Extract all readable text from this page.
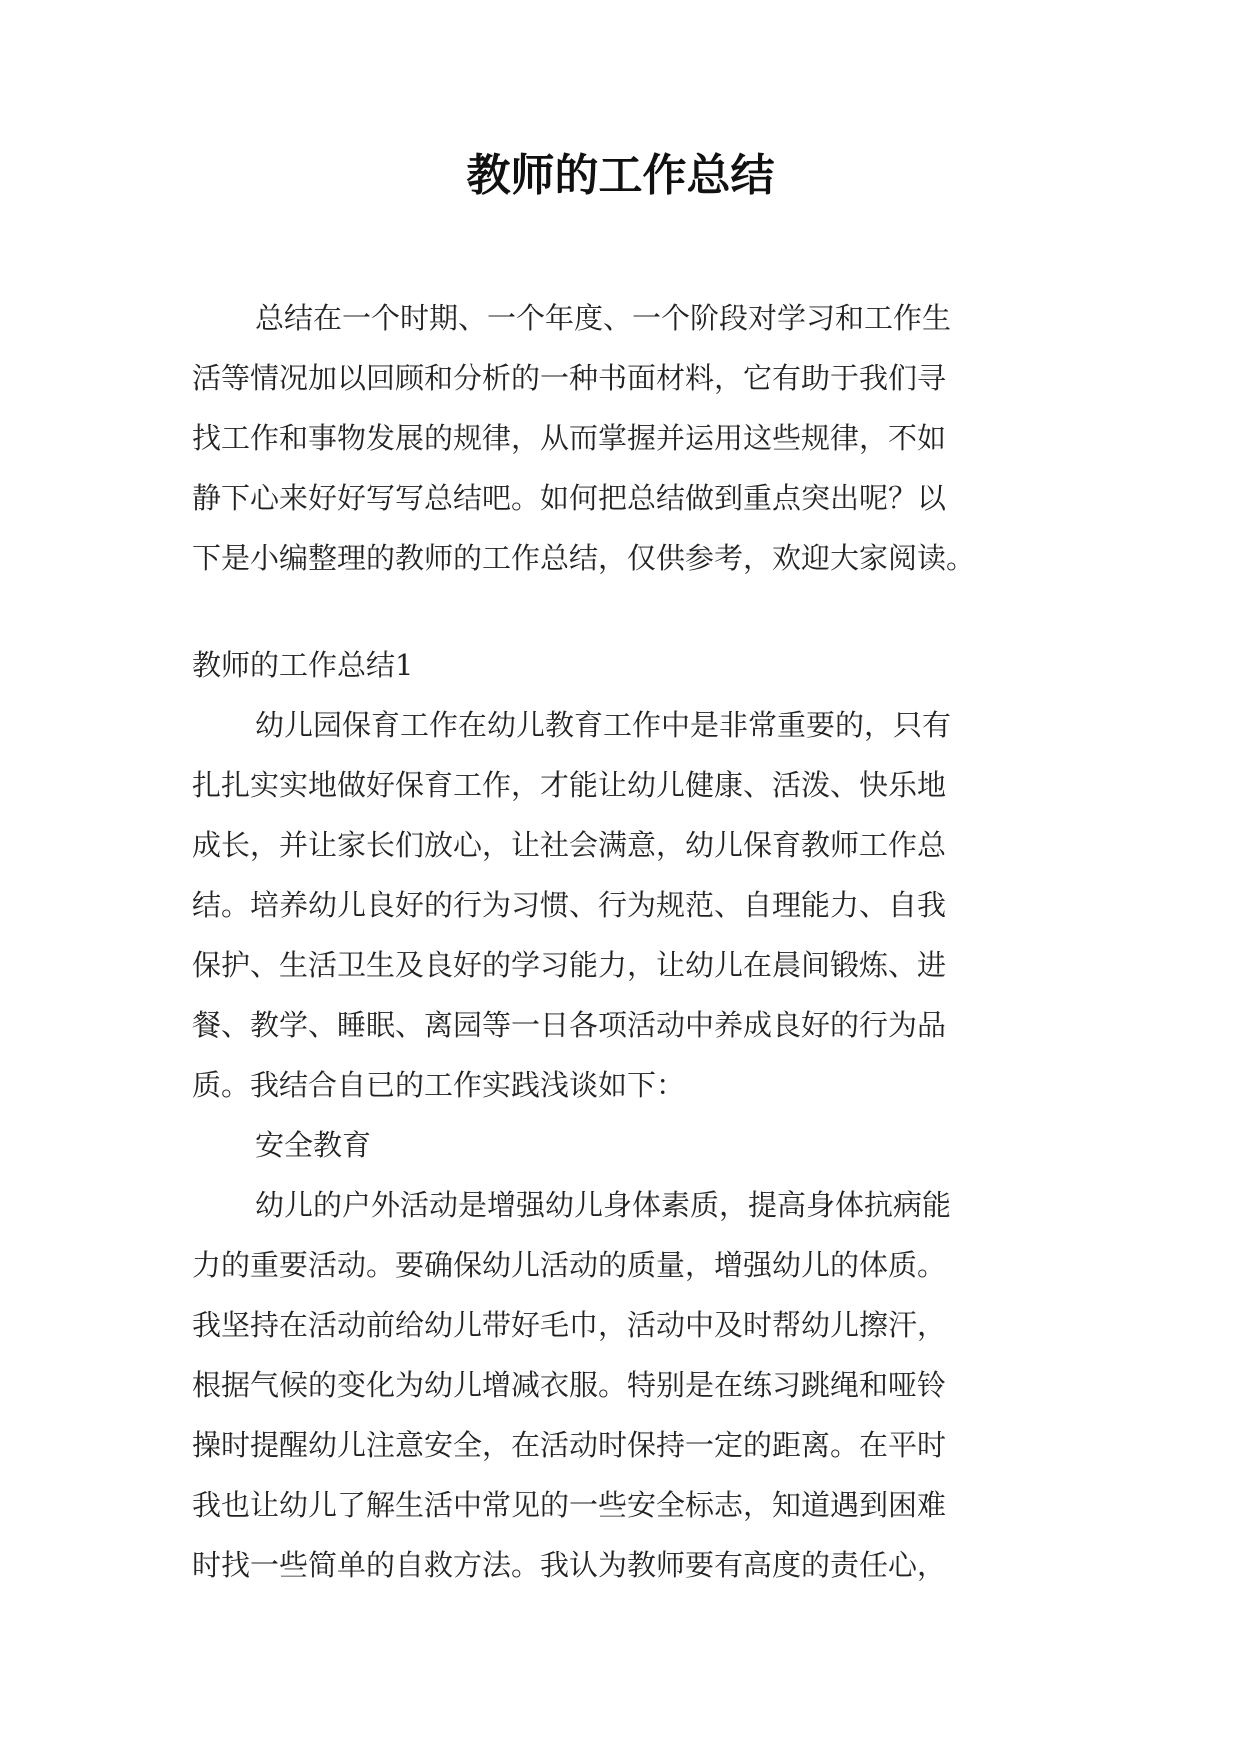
教师的工作总结
总结在一个时期、一个年度、一个阶段对学习和工作生
活等情况加以回顾和分析的一种书面材料，它有助于我们寻
找工作和事物发展的规律，从而掌握并运用这些规律，不如
静下心来好好写写总结吧。如何把总结做到重点突出呢？以
下是小编整理的教师的工作总结，仅供参考，欢迎大家阅读。
教师的工作总结1
幼儿园保育工作在幼儿教育工作中是非常重要的，只有
扎扎实实地做好保育工作，才能让幼儿健康、活泼、快乐地
成长，并让家长们放心，让社会满意，幼儿保育教师工作总
结。培养幼儿良好的行为习惯、行为规范、自理能力、自我
保护、生活卫生及良好的学习能力，让幼儿在晨间锻炼、进
餐、教学、睡眠、离园等一日各项活动中养成良好的行为品
质。我结合自已的工作实践浅谈如下：
安全教育
幼儿的户外活动是增强幼儿身体素质，提高身体抗病能
力的重要活动。要确保幼儿活动的质量，增强幼儿的体质。
我坚持在活动前给幼儿带好毛巾，活动中及时帮幼儿擦汗，
根据气候的变化为幼儿增减衣服。特别是在练习跳绳和哑铃
操时提醒幼儿注意安全，在活动时保持一定的距离。在平时
我也让幼儿了解生活中常见的一些安全标志，知道遇到困难
时找一些简单的自救方法。我认为教师要有高度的责任心，
